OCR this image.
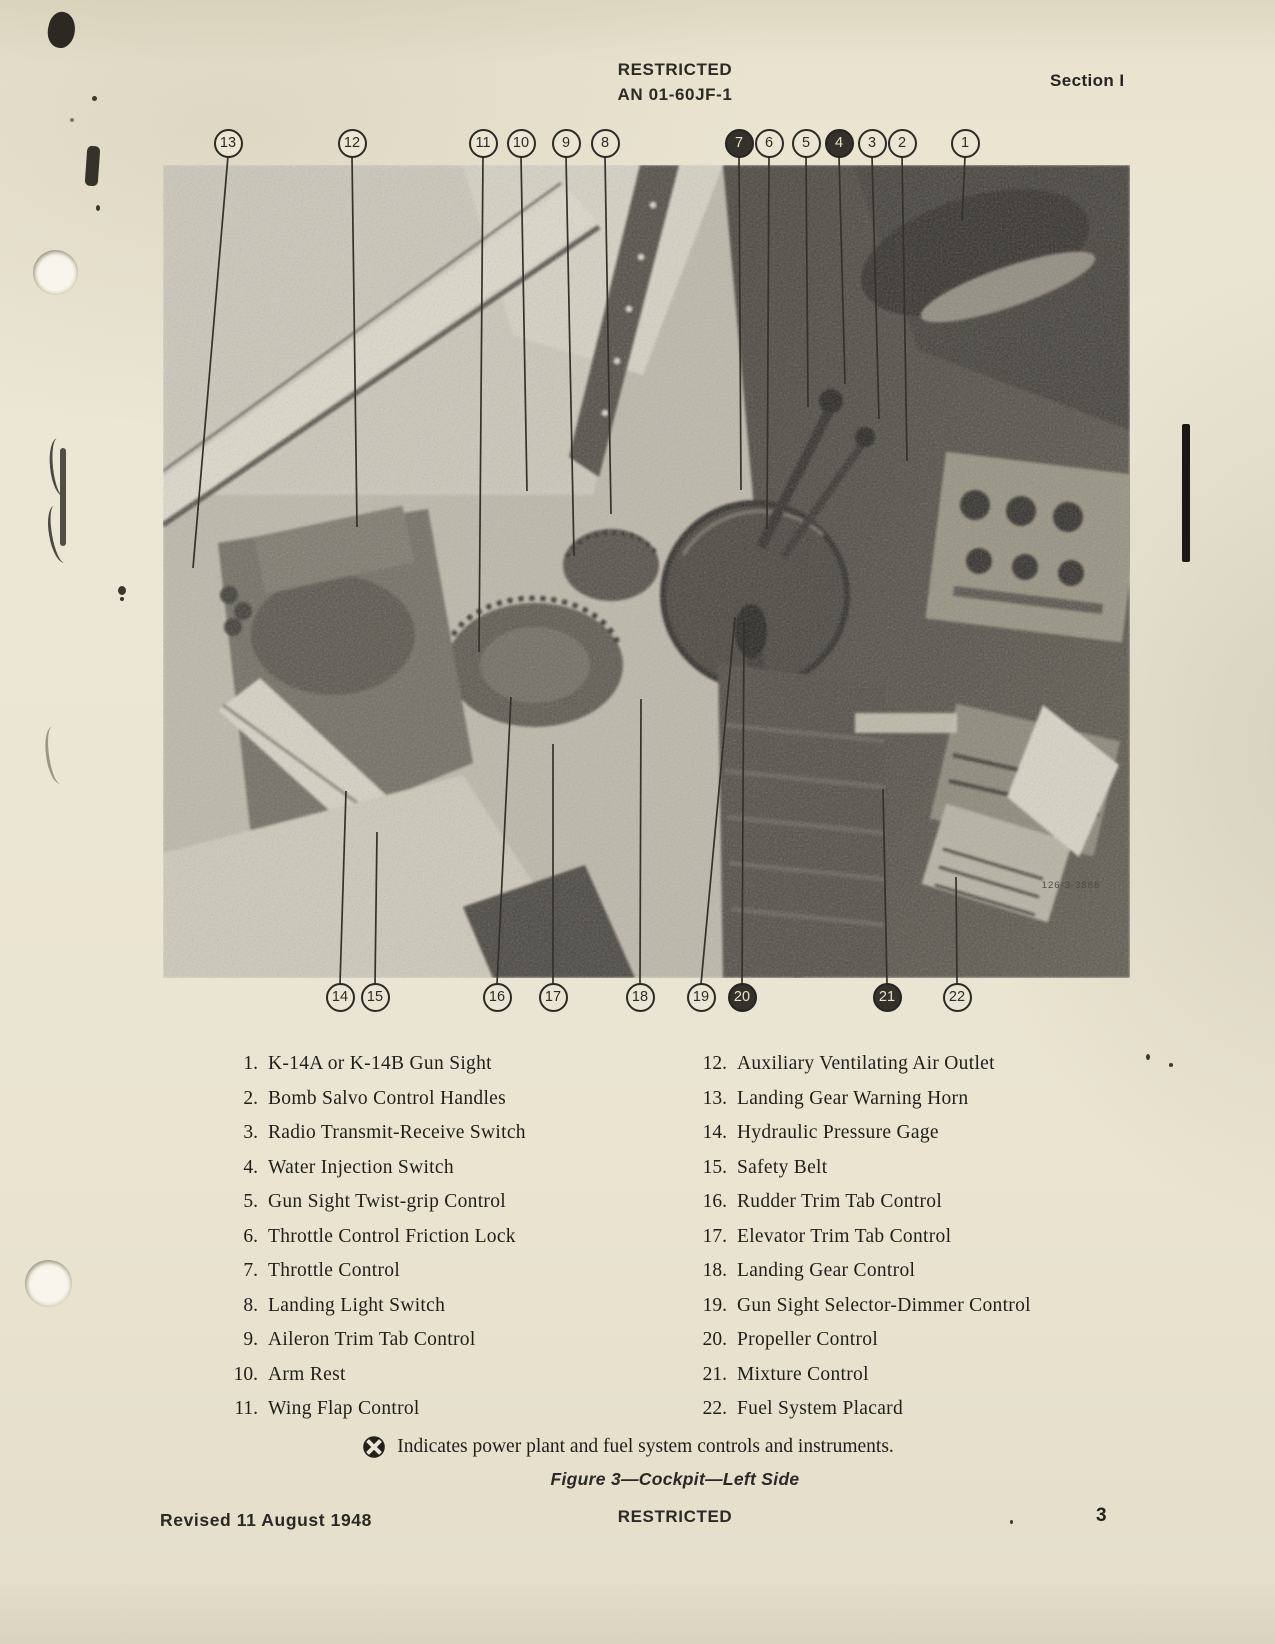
RESTRICTED
AN 01-60JF-1
Section I
126-3-3888
13	12	11	10	9	8	7	6	5	4	3	2	1
14	15	16	17	18	19	20	21	22
1. K-14A or K-14B Gun Sight
2. Bomb Salvo Control Handles
3. Radio Transmit-Receive Switch
4. Water Injection Switch
5. Gun Sight Twist-grip Control
6. Throttle Control Friction Lock
7. Throttle Control
8. Landing Light Switch
9. Aileron Trim Tab Control
10. Arm Rest
11. Wing Flap Control
12. Auxiliary Ventilating Air Outlet
13. Landing Gear Warning Horn
14. Hydraulic Pressure Gage
15. Safety Belt
16. Rudder Trim Tab Control
17. Elevator Trim Tab Control
18. Landing Gear Control
19. Gun Sight Selector-Dimmer Control
20. Propeller Control
21. Mixture Control
22. Fuel System Placard
Indicates power plant and fuel system controls and instruments.
Figure 3—Cockpit—Left Side
Revised 11 August 1948	RESTRICTED	3
